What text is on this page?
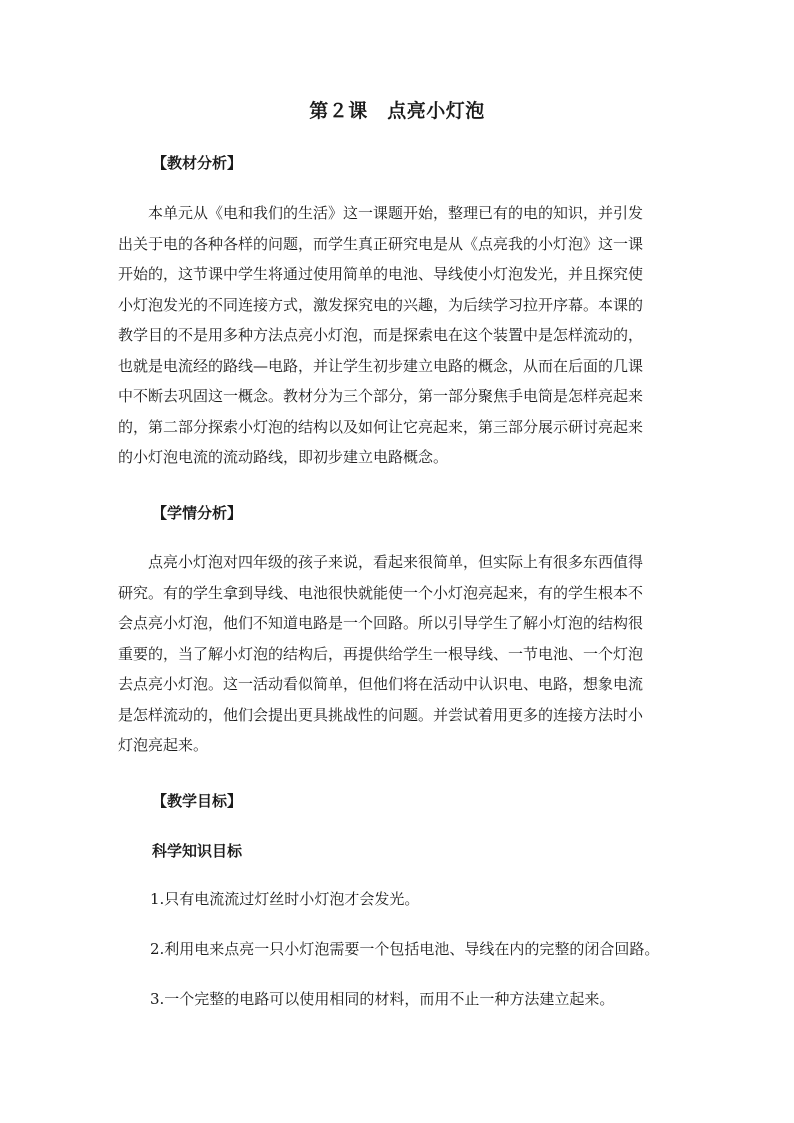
第２课　点亮小灯泡
【教材分析】
本单元从《电和我们的生活》这一课题开始，整理已有的电的知识，并引发
出关于电的各种各样的问题，而学生真正研究电是从《点亮我的小灯泡》这一课
开始的，这节课中学生将通过使用简单的电池、导线使小灯泡发光，并且探究使
小灯泡发光的不同连接方式，激发探究电的兴趣，为后续学习拉开序幕。本课的
教学目的不是用多种方法点亮小灯泡，而是探索电在这个装置中是怎样流动的，
也就是电流经的路线—电路，并让学生初步建立电路的概念，从而在后面的几课
中不断去巩固这一概念。教材分为三个部分，第一部分聚焦手电筒是怎样亮起来
的，第二部分探索小灯泡的结构以及如何让它亮起来，第三部分展示研讨亮起来
的小灯泡电流的流动路线，即初步建立电路概念。
【学情分析】
点亮小灯泡对四年级的孩子来说，看起来很简单，但实际上有很多东西值得
研究。有的学生拿到导线、电池很快就能使一个小灯泡亮起来，有的学生根本不
会点亮小灯泡，他们不知道电路是一个回路。所以引导学生了解小灯泡的结构很
重要的，当了解小灯泡的结构后，再提供给学生一根导线、一节电池、一个灯泡
去点亮小灯泡。这一活动看似简单，但他们将在活动中认识电、电路，想象电流
是怎样流动的，他们会提出更具挑战性的问题。并尝试着用更多的连接方法时小
灯泡亮起来。
【教学目标】
科学知识目标
1.只有电流流过灯丝时小灯泡才会发光。
2.利用电来点亮一只小灯泡需要一个包括电池、导线在内的完整的闭合回路。
3.一个完整的电路可以使用相同的材料，而用不止一种方法建立起来。
